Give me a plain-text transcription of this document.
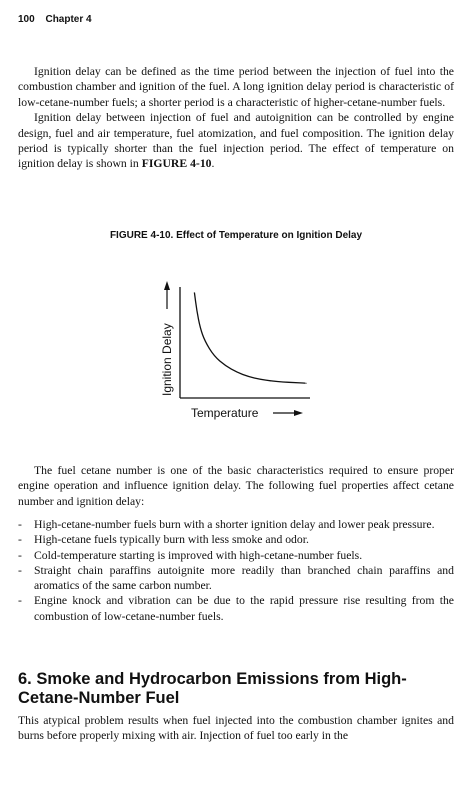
100 Chapter 4

Ignition delay can be defined as the time period between the injection of fuel into the combustion chamber and ignition of the fuel. A long ignition delay period is characteristic of low-cetane-number fuels; a shorter period is a characteristic of higher-cetane-number fuels.

Ignition delay between injection of fuel and autoignition can be controlled by engine design, fuel and air temperature, fuel atomization, and fuel composition. The ignition delay period is typically shorter than the fuel injection period. The effect of temperature on ignition delay is shown in FIGURE 4-10.

FIGURE 4-10. Effect of Temperature on Ignition Delay
Ignition Delay
Temperature

The fuel cetane number is one of the basic characteristics required to ensure proper engine operation and influence ignition delay. The following fuel properties affect cetane number and ignition delay:

- High-cetane-number fuels burn with a shorter ignition delay and lower peak pressure.
- High-cetane fuels typically burn with less smoke and odor.
- Cold-temperature starting is improved with high-cetane-number fuels.
- Straight chain paraffins autoignite more readily than branched chain paraffins and aromatics of the same carbon number.
- Engine knock and vibration can be due to the rapid pressure rise resulting from the combustion of low-cetane-number fuels.
6. Smoke and Hydrocarbon Emissions from High-Cetane-Number Fuel

This atypical problem results when fuel injected into the combustion chamber ignites and burns before properly mixing with air. Injection of fuel too early in the
